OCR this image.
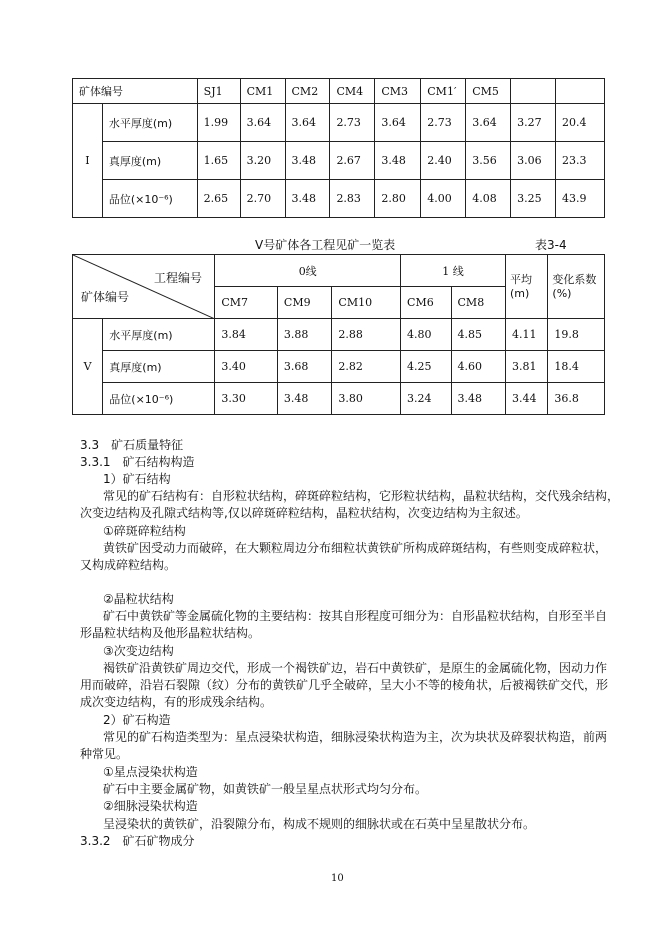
矿体编号		SJ1	CM1	CM2	CM4	CM3	CM1′	CM5		
I	水平厚度(m)	1.99	3.64	3.64	2.73	3.64	2.73	3.64	3.27	20.4
	真厚度(m)	1.65	3.20	3.48	2.67	3.48	2.40	3.56	3.06	23.3
	品位(×10⁻⁶)	2.65	2.70	3.48	2.83	2.80	4.00	4.08	3.25	43.9
V号矿体各工程见矿一览表	表3-4
工程编号
矿体编号		0线			1 线		平均(m)	变化系数(%)
		CM7	CM9	CM10	CM6	CM8		
V	水平厚度(m)	3.84	3.88	2.88	4.80	4.85	4.11	19.8
	真厚度(m)	3.40	3.68	2.82	4.25	4.60	3.81	18.4
	品位(×10⁻⁶)	3.30	3.48	3.80	3.24	3.48	3.44	36.8
3.3　矿石质量特征
3.3.1　矿石结构构造
1）矿石结构
常见的矿石结构有：自形粒状结构，碎斑碎粒结构，它形粒状结构，晶粒状结构，交代残余结构，
次变边结构及孔隙式结构等,仅以碎斑碎粒结构，晶粒状结构，次变边结构为主叙述。
①碎斑碎粒结构
黄铁矿因受动力而破碎，在大颗粒周边分布细粒状黄铁矿所构成碎斑结构，有些则变成碎粒状，
又构成碎粒结构。
②晶粒状结构
矿石中黄铁矿等金属硫化物的主要结构：按其自形程度可细分为：自形晶粒状结构，自形至半自
形晶粒状结构及他形晶粒状结构。
③次变边结构
褐铁矿沿黄铁矿周边交代，形成一个褐铁矿边，岩石中黄铁矿，是原生的金属硫化物，因动力作
用而破碎，沿岩石裂隙（纹）分布的黄铁矿几乎全破碎，呈大小不等的棱角状，后被褐铁矿交代，形
成次变边结构，有的形成残余结构。
2）矿石构造
常见的矿石构造类型为：星点浸染状构造，细脉浸染状构造为主，次为块状及碎裂状构造，前两
种常见。
①星点浸染状构造
矿石中主要金属矿物，如黄铁矿一般呈星点状形式均匀分布。
②细脉浸染状构造
呈浸染状的黄铁矿，沿裂隙分布，构成不规则的细脉状或在石英中呈星散状分布。
3.3.2　矿石矿物成分
10
